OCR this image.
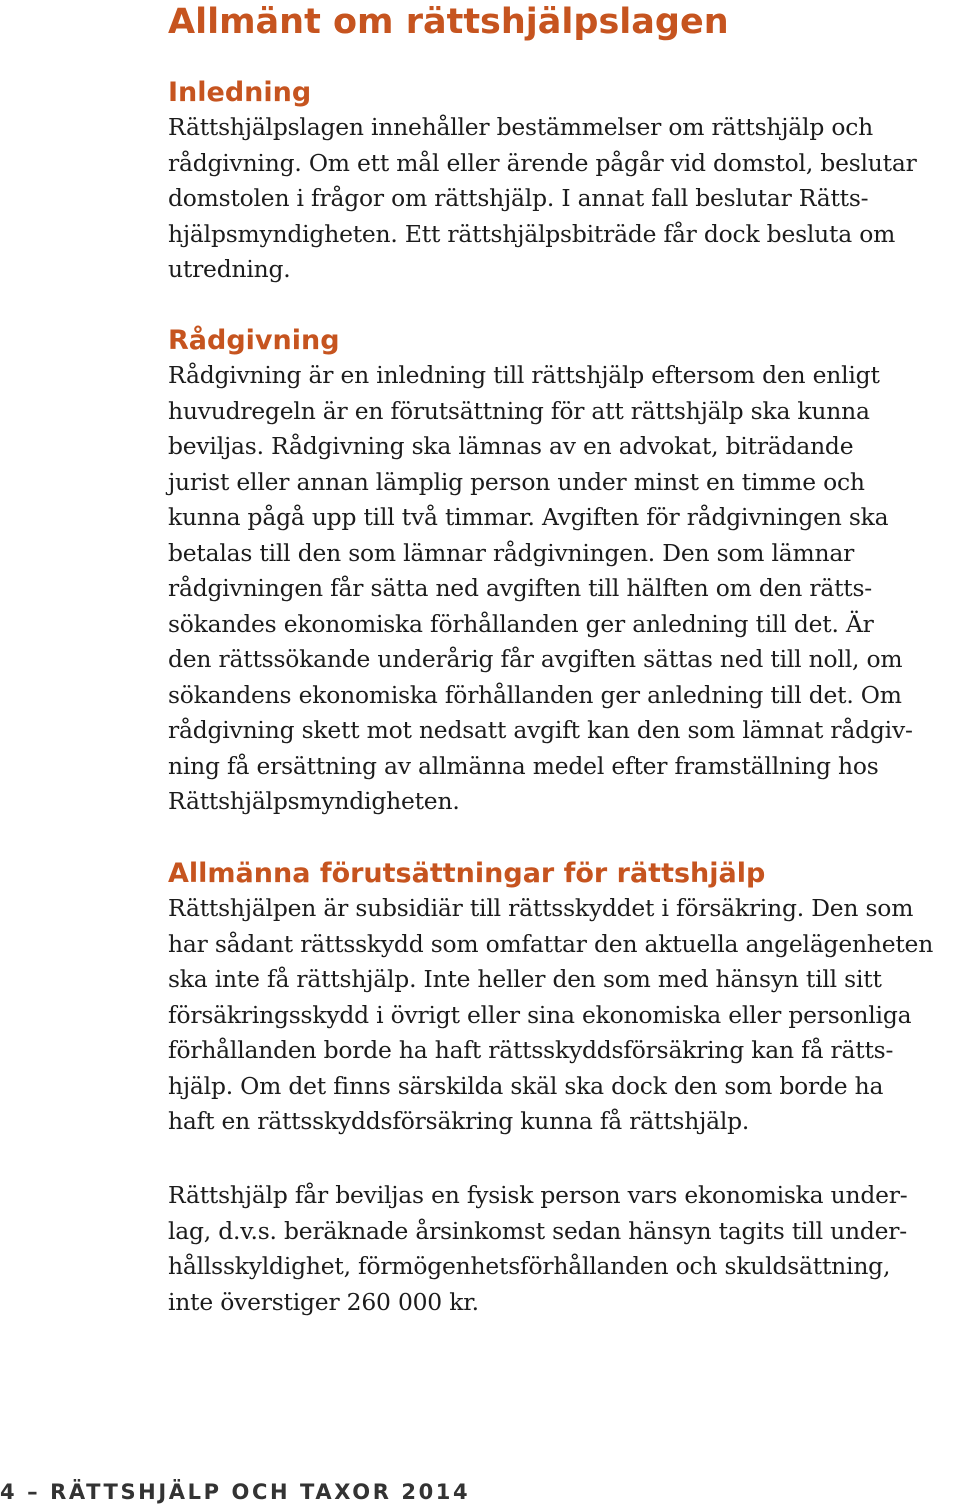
Allmänt om rättshjälpslagen
Inledning

Rättshjälpslagen innehåller bestämmelser om rättshjälp och

rådgivning. Om ett mål eller ärende pågår vid domstol, beslutar

domstolen i frågor om rättshjälp. I annat fall beslutar Rätts-

hjälpsmyndigheten. Ett rättshjälpsbiträde får dock besluta om

utredning.

Rådgivning

Rådgivning är en inledning till rättshjälp eftersom den enligt

huvudregeln är en förutsättning för att rättshjälp ska kunna

beviljas. Rådgivning ska lämnas av en advokat, biträdande

jurist eller annan lämplig person under minst en timme och

kunna pågå upp till två timmar. Avgiften för rådgivningen ska

betalas till den som lämnar rådgivningen. Den som lämnar

rådgivningen får sätta ned avgiften till hälften om den rätts-

sökandes ekonomiska förhållanden ger anledning till det. Är

den rättssökande underårig får avgiften sättas ned till noll, om

sökandens ekonomiska förhållanden ger anledning till det. Om

rådgivning skett mot nedsatt avgift kan den som lämnat rådgiv-

ning få ersättning av allmänna medel efter framställning hos

Rättshjälpsmyndigheten.

Allmänna förutsättningar för rättshjälp

Rättshjälpen är subsidiär till rättsskyddet i försäkring. Den som

har sådant rättsskydd som omfattar den aktuella angelägenheten

ska inte få rättshjälp. Inte heller den som med hänsyn till sitt

försäkringsskydd i övrigt eller sina ekonomiska eller personliga

förhållanden borde ha haft rättsskyddsförsäkring kan få rätts-

hjälp. Om det finns särskilda skäl ska dock den som borde ha

haft en rättsskyddsförsäkring kunna få rättshjälp.

Rättshjälp får beviljas en fysisk person vars ekonomiska under-

lag, d.v.s. beräknade årsinkomst sedan hänsyn tagits till under-

hållsskyldighet, förmögenhetsförhållanden och skuldsättning,

inte överstiger 260 000 kr.

4 – RÄTTSHJÄLP OCH TAXOR 2014
